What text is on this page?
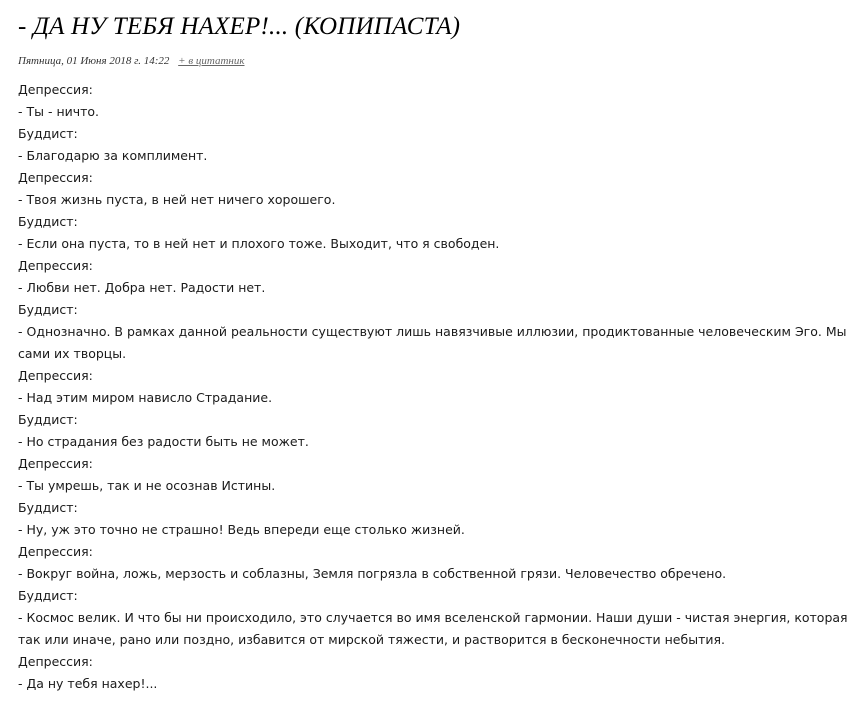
- ДА НУ ТЕБЯ НАХЕР!... (КОПИПАСТА)
Пятница, 01 Июня 2018 г. 14:22 + в цитатник
Депрессия:
- Ты - ничто.
Буддист:
- Благодарю за комплимент.
Депрессия:
- Твоя жизнь пуста, в ней нет ничего хорошего.
Буддист:
- Если она пуста, то в ней нет и плохого тоже. Выходит, что я свободен.
Депрессия:
- Любви нет. Добра нет. Радости нет.
Буддист:
- Однозначно. В рамках данной реальности существуют лишь навязчивые иллюзии, продиктованные человеческим Эго. Мы сами их творцы.
Депрессия:
- Над этим миром нависло Страдание.
Буддист:
- Но страдания без радости быть не может.
Депрессия:
- Ты умрешь, так и не осознав Истины.
Буддист:
- Ну, уж это точно не страшно! Ведь впереди еще столько жизней.
Депрессия:
- Вокруг война, ложь, мерзость и соблазны, Земля погрязла в собственной грязи. Человечество обречено.
Буддист:
- Космос велик. И что бы ни происходило, это случается во имя вселенской гармонии. Наши души - чистая энергия, которая так или иначе, рано или поздно, избавится от мирской тяжести, и растворится в бесконечности небытия.
Депрессия:
- Да ну тебя нахер!...
